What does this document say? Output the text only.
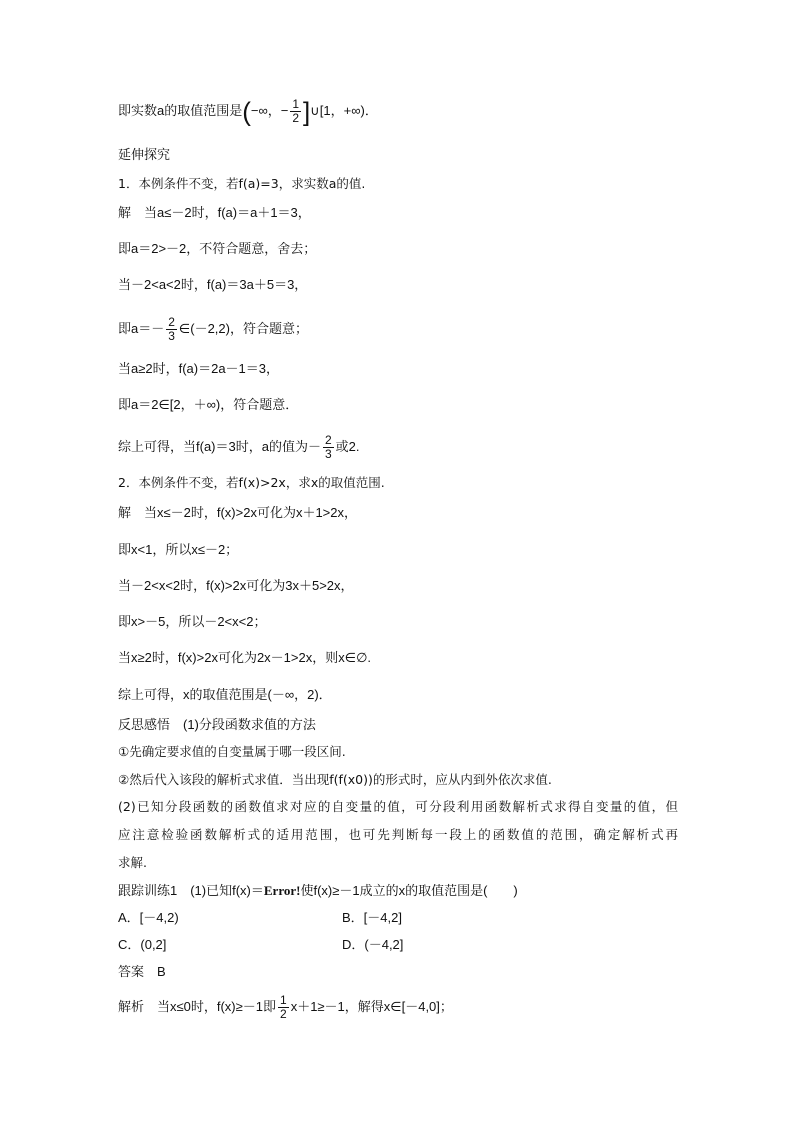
即实数a的取值范围是(−∞，− $\frac{1}{2}$ ]∪[1，+∞)．
延伸探究
1．本例条件不变，若f(a)=3，求实数a的值.
解　当a≤－2时，f(a)＝a＋1＝3，
即a＝2>－2，不符合题意，舍去；
当－2<a<2时，f(a)＝3a＋5＝3，
即$a=- \frac{2}{3}$ ∈(－2,2)，符合题意；
当a≥2时，f(a)＝2a－1＝3，
即a＝2∈[2，＋∞)，符合题意．
综上可得，当f(a)＝3时，a的值为－ $\frac{2}{3}$ 或2.
2．本例条件不变，若f(x)>2x，求x的取值范围.
解　当x≤－2时，f(x)>2x可化为x＋1>2x，
即x<1，所以x≤－2；
当－2<x<2时，f(x)>2x可化为3x＋5>2x，
即x>－5，所以－2<x<2；
当x≥2时，f(x)>2x可化为2x－1>2x，则x∈∅.
综上可得，x的取值范围是(－∞，2)．
反思感悟　(1)分段函数求值的方法
①先确定要求值的自变量属于哪一段区间.
②然后代入该段的解析式求值．当出现f(f(x0))的形式时，应从内到外依次求值.
(2)已知分段函数的函数值求对应的自变量的值，可分段利用函数解析式求得自变量的值，但
应注意检验函数解析式的适用范围，也可先判断每一段上的函数值的范围，确定解析式再
求解.
跟踪训练1　(1)已知f(x)＝Error!使f(x)≥－1成立的x的取值范围是(　　)
A．[－4,2)	B．[－4,2]
C．(0,2]	D．(－4,2]
答案　B
解析　当x≤0时，f(x)≥－1即 $\frac{1}{2} x+1\ge-1$，解得x∈[－4,0]；
